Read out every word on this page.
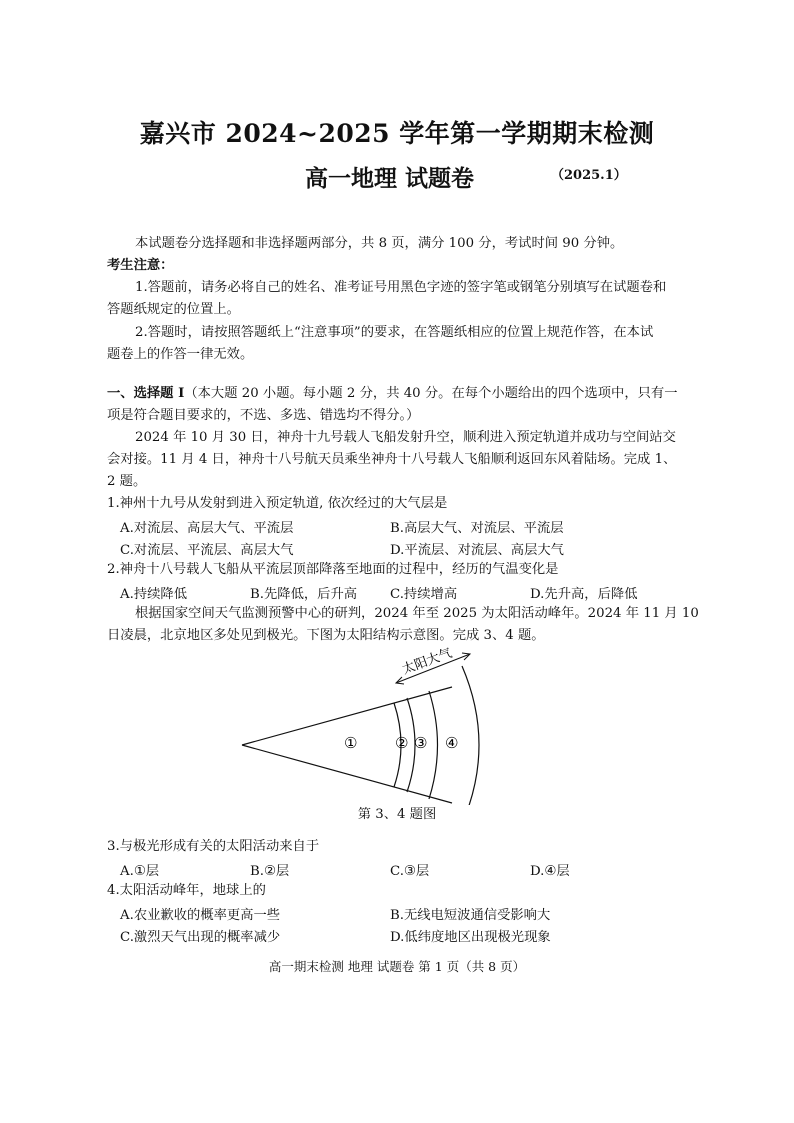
嘉兴市 2024~2025 学年第一学期期末检测
高一地理 试题卷	（2025.1）
本试题卷分选择题和非选择题两部分，共 8 页，满分 100 分，考试时间 90 分钟。
考生注意：
1.答题前，请务必将自己的姓名、准考证号用黑色字迹的签字笔或钢笔分别填写在试题卷和
答题纸规定的位置上。
2.答题时，请按照答题纸上“注意事项”的要求，在答题纸相应的位置上规范作答，在本试
题卷上的作答一律无效。
一、选择题 I（本大题 20 小题。每小题 2 分，共 40 分。在每个小题给出的四个选项中，只有一
项是符合题目要求的，不选、多选、错选均不得分。）
2024 年 10 月 30 日，神舟十九号载人飞船发射升空，顺利进入预定轨道并成功与空间站交
会对接。11 月 4 日，神舟十八号航天员乘坐神舟十八号载人飞船顺利返回东风着陆场。完成 1、
2 题。
1.神州十九号从发射到进入预定轨道, 依次经过的大气层是
A.对流层、高层大气、平流层	B.高层大气、对流层、平流层
C.对流层、平流层、高层大气	D.平流层、对流层、高层大气
2.神舟十八号载人飞船从平流层顶部降落至地面的过程中，经历的气温变化是
A.持续降低	B.先降低，后升高 C.持续增高	D.先升高，后降低
根据国家空间天气监测预警中心的研判，2024 年至 2025 为太阳活动峰年。2024 年 11 月 10
日凌晨，北京地区多处见到极光。下图为太阳结构示意图。完成 3、4 题。
太阳大气
①	② ③ ④
第 3、4 题图
3.与极光形成有关的太阳活动来自于
A.①层	B.②层	C.③层	D.④层
4.太阳活动峰年，地球上的
A.农业歉收的概率更高一些	B.无线电短波通信受影响大
C.激烈天气出现的概率减少	D.低纬度地区出现极光现象
高一期末检测 地理 试题卷 第 1 页（共 8 页）
